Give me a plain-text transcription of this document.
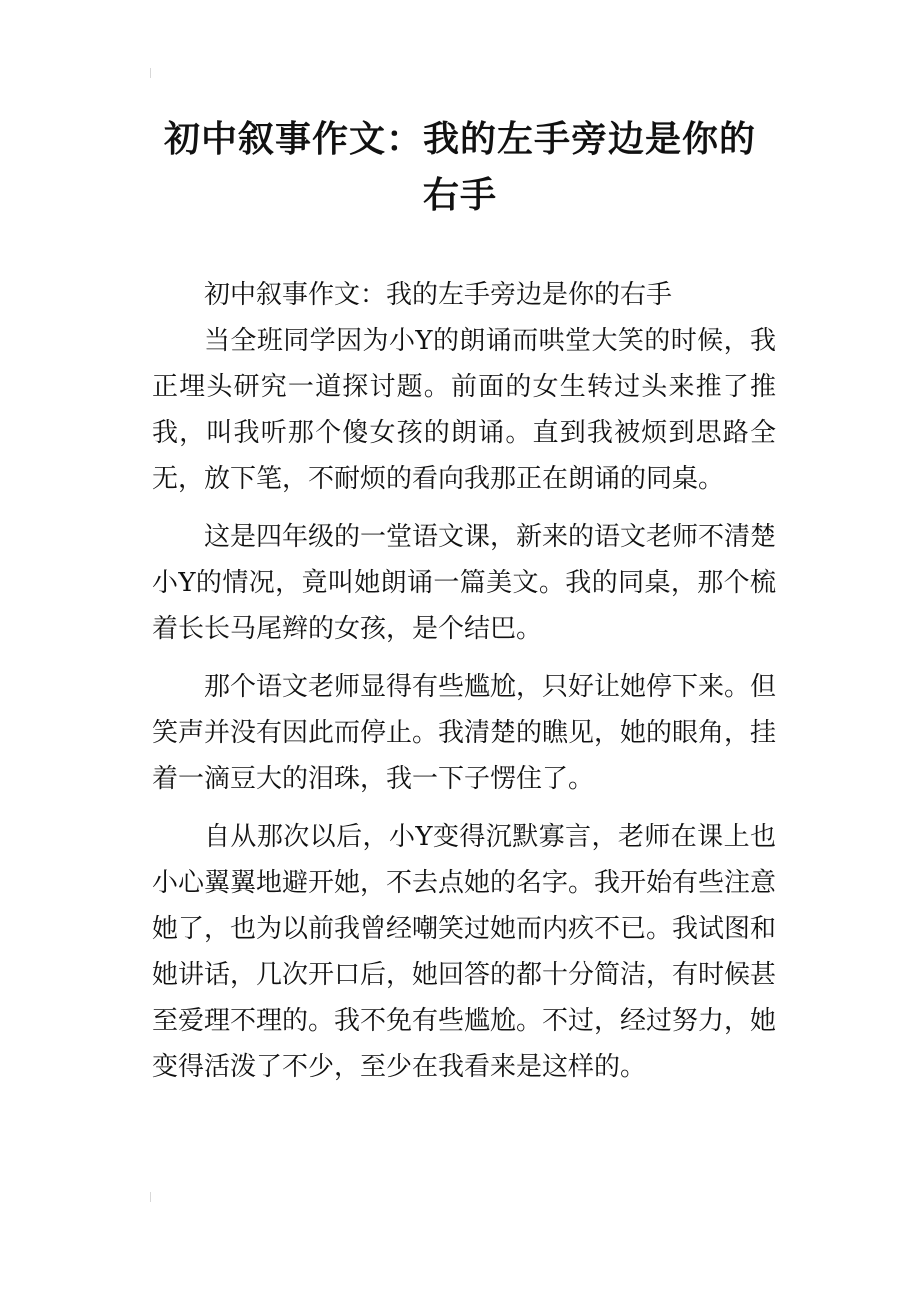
初中叙事作文：我的左手旁边是你的
右手

初中叙事作文：我的左手旁边是你的右手

当全班同学因为小Y的朗诵而哄堂大笑的时候，我正埋头研究一道探讨题。前面的女生转过头来推了推我，叫我听那个傻女孩的朗诵。直到我被烦到思路全无，放下笔，不耐烦的看向我那正在朗诵的同桌。

这是四年级的一堂语文课，新来的语文老师不清楚小Y的情况，竟叫她朗诵一篇美文。我的同桌，那个梳着长长马尾辫的女孩，是个结巴。

那个语文老师显得有些尴尬，只好让她停下来。但笑声并没有因此而停止。我清楚的瞧见，她的眼角，挂着一滴豆大的泪珠，我一下子愣住了。

自从那次以后，小Y变得沉默寡言，老师在课上也小心翼翼地避开她，不去点她的名字。我开始有些注意她了，也为以前我曾经嘲笑过她而内疚不已。我试图和她讲话，几次开口后，她回答的都十分简洁，有时候甚至爱理不理的。我不免有些尴尬。不过，经过努力，她变得活泼了不少，至少在我看来是这样的。
